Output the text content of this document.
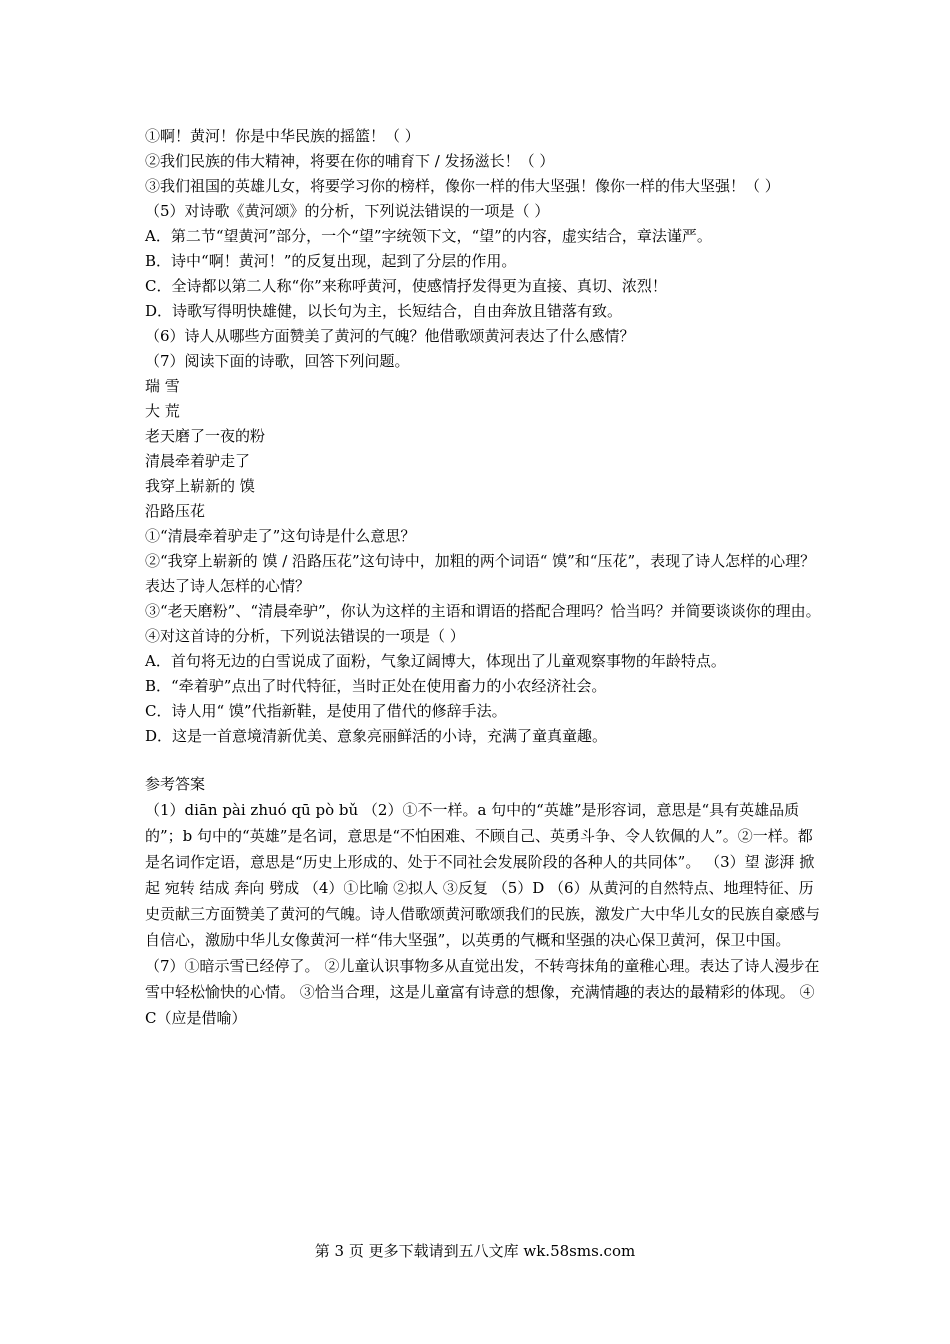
①啊！黄河！你是中华民族的摇篮！（ ）
②我们民族的伟大精神，将要在你的哺育下 / 发扬滋长！（ ）
③我们祖国的英雄儿女，将要学习你的榜样，像你一样的伟大坚强！像你一样的伟大坚强！（ ）
（5）对诗歌《黄河颂》的分析，下列说法错误的一项是（ ）
A．第二节“望黄河”部分，一个“望”字统领下文，“望”的内容，虚实结合，章法谨严。
B．诗中“啊！黄河！”的反复出现，起到了分层的作用。
C．全诗都以第二人称“你”来称呼黄河，使感情抒发得更为直接、真切、浓烈！
D．诗歌写得明快雄健，以长句为主，长短结合，自由奔放且错落有致。
（6）诗人从哪些方面赞美了黄河的气魄？他借歌颂黄河表达了什么感情？
（7）阅读下面的诗歌，回答下列问题。
瑞 雪
大 荒
老天磨了一夜的粉
清晨牵着驴走了
我穿上崭新的 馍
沿路压花
①“清晨牵着驴走了”这句诗是什么意思？
②“我穿上崭新的 馍 / 沿路压花”这句诗中，加粗的两个词语“ 馍”和“压花”，表现了诗人怎样的心理？表达了诗人怎样的心情？
③“老天磨粉”、“清晨牵驴”，你认为这样的主语和谓语的搭配合理吗？恰当吗？并简要谈谈你的理由。
④对这首诗的分析，下列说法错误的一项是（ ）
A．首句将无边的白雪说成了面粉，气象辽阔博大，体现出了儿童观察事物的年龄特点。
B．“牵着驴”点出了时代特征，当时正处在使用畜力的小农经济社会。
C．诗人用“ 馍”代指新鞋，是使用了借代的修辞手法。
D．这是一首意境清新优美、意象亮丽鲜活的小诗，充满了童真童趣。
参考答案
（1）diān pài zhuó qū pò bǔ （2）①不一样。a 句中的“英雄”是形容词，意思是“具有英雄品质的”；b 句中的“英雄”是名词，意思是“不怕困难、不顾自己、英勇斗争、令人钦佩的人”。②一样。都是名词作定语，意思是“历史上形成的、处于不同社会发展阶段的各种人的共同体”。 （3）望 澎湃 掀起 宛转 结成 奔向 劈成 （4）①比喻 ②拟人 ③反复 （5）D （6）从黄河的自然特点、地理特征、历史贡献三方面赞美了黄河的气魄。诗人借歌颂黄河歌颂我们的民族，激发广大中华儿女的民族自豪感与自信心，激励中华儿女像黄河一样“伟大坚强”，以英勇的气概和坚强的决心保卫黄河，保卫中国。 （7）①暗示雪已经停了。 ②儿童认识事物多从直觉出发，不转弯抹角的童稚心理。表达了诗人漫步在雪中轻松愉快的心情。 ③恰当合理，这是儿童富有诗意的想像，充满情趣的表达的最精彩的体现。 ④C（应是借喻）
第 3 页 更多下载请到五八文库 wk.58sms.com
